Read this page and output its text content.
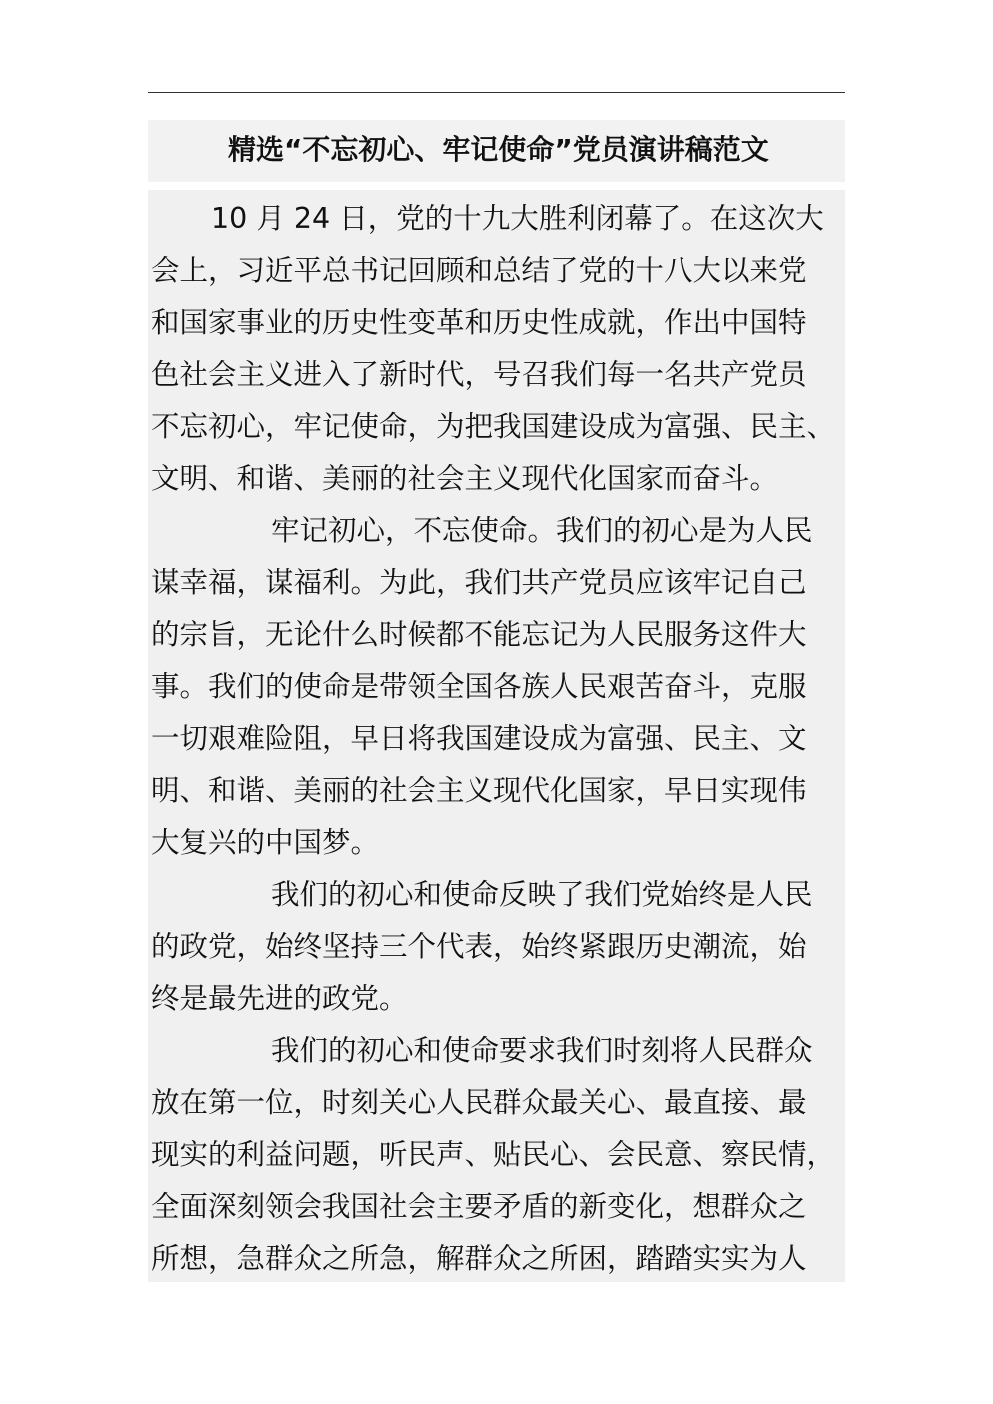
精选“不忘初心、牢记使命”党员演讲稿范文
10 月 24 日，党的十九大胜利闭幕了。在这次大
会上，习近平总书记回顾和总结了党的十八大以来党
和国家事业的历史性变革和历史性成就，作出中国特
色社会主义进入了新时代，号召我们每一名共产党员
不忘初心，牢记使命，为把我国建设成为富强、民主、
文明、和谐、美丽的社会主义现代化国家而奋斗。
牢记初心，不忘使命。我们的初心是为人民
谋幸福，谋福利。为此，我们共产党员应该牢记自己
的宗旨，无论什么时候都不能忘记为人民服务这件大
事。我们的使命是带领全国各族人民艰苦奋斗，克服
一切艰难险阻，早日将我国建设成为富强、民主、文
明、和谐、美丽的社会主义现代化国家，早日实现伟
大复兴的中国梦。
我们的初心和使命反映了我们党始终是人民
的政党，始终坚持三个代表，始终紧跟历史潮流，始
终是最先进的政党。
我们的初心和使命要求我们时刻将人民群众
放在第一位，时刻关心人民群众最关心、最直接、最
现实的利益问题，听民声、贴民心、会民意、察民情，
全面深刻领会我国社会主要矛盾的新变化，想群众之
所想，急群众之所急，解群众之所困，踏踏实实为人
